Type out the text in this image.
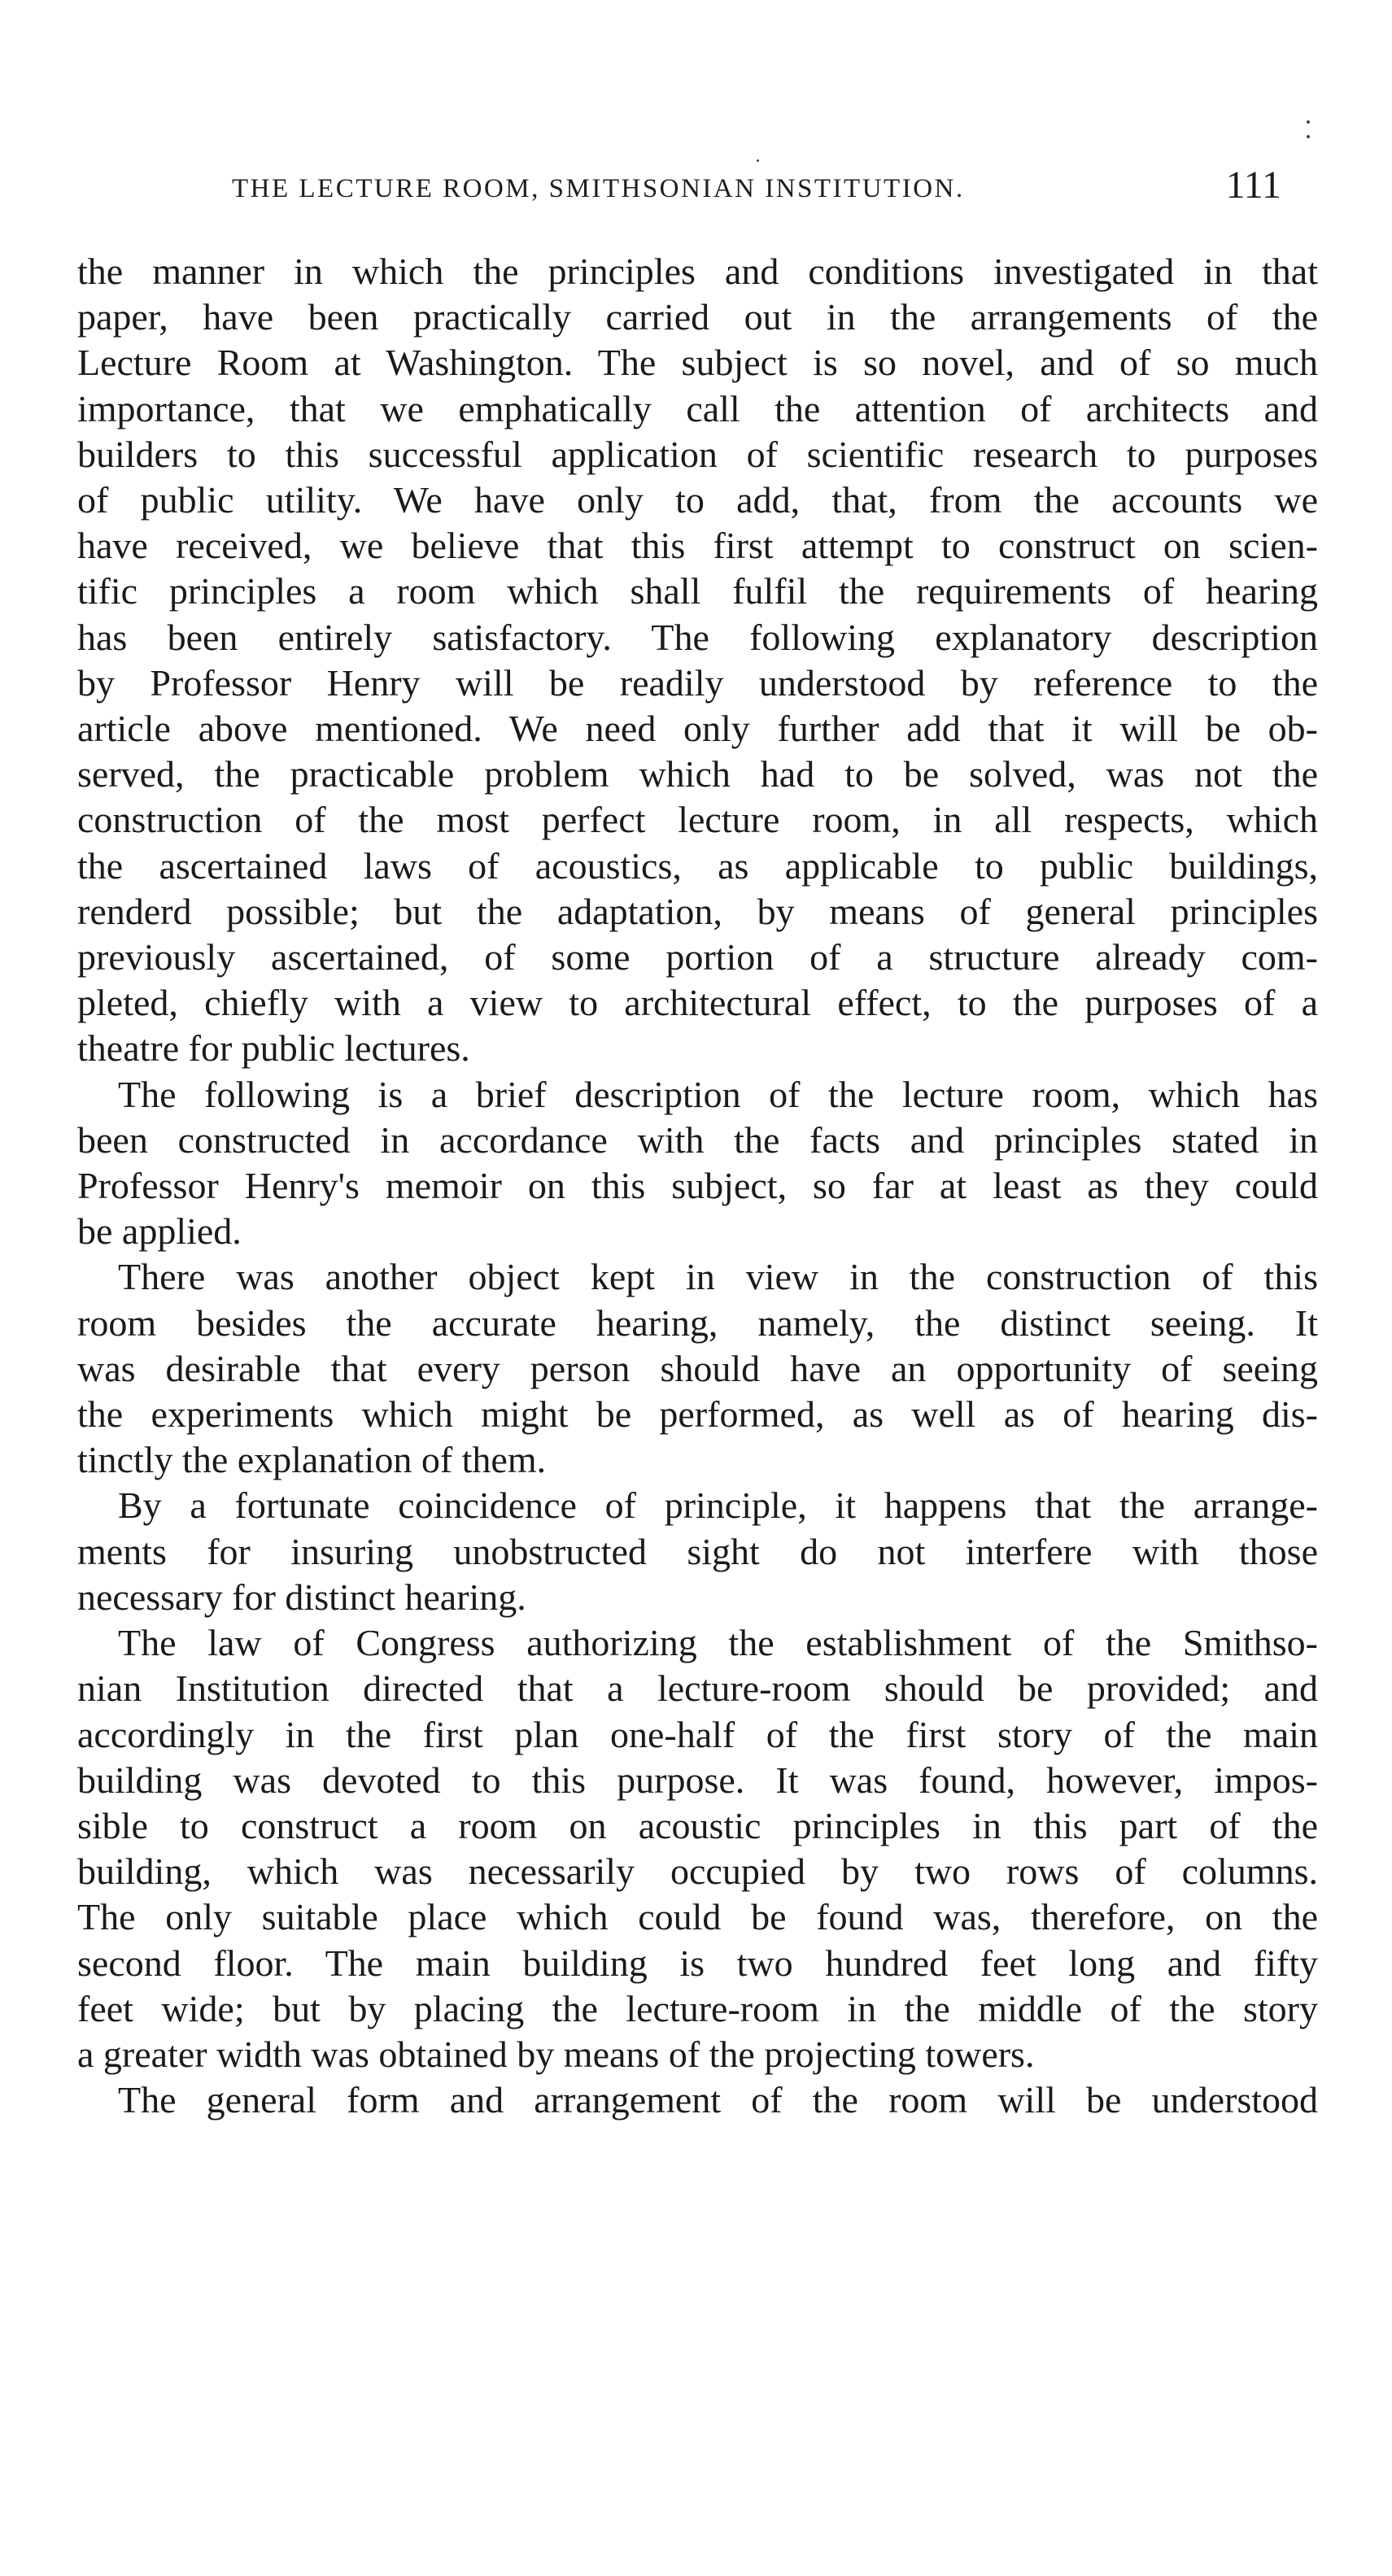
THE LECTURE ROOM, SMITHSONIAN INSTITUTION.	111
the manner in which the principles and conditions investigated in that
paper, have been practically carried out in the arrangements of the
Lecture Room at Washington. The subject is so novel, and of so much
importance, that we emphatically call the attention of architects and
builders to this successful application of scientific research to purposes
of public utility. We have only to add, that, from the accounts we
have received, we believe that this first attempt to construct on scien-
tific principles a room which shall fulfil the requirements of hearing
has been entirely satisfactory. The following explanatory description
by Professor Henry will be readily understood by reference to the
article above mentioned. We need only further add that it will be ob-
served, the practicable problem which had to be solved, was not the
construction of the most perfect lecture room, in all respects, which
the ascertained laws of acoustics, as applicable to public buildings,
renderd possible; but the adaptation, by means of general principles
previously ascertained, of some portion of a structure already com-
pleted, chiefly with a view to architectural effect, to the purposes of a
theatre for public lectures.
The following is a brief description of the lecture room, which has
been constructed in accordance with the facts and principles stated in
Professor Henry's memoir on this subject, so far at least as they could
be applied.
There was another object kept in view in the construction of this
room besides the accurate hearing, namely, the distinct seeing. It
was desirable that every person should have an opportunity of seeing
the experiments which might be performed, as well as of hearing dis-
tinctly the explanation of them.
By a fortunate coincidence of principle, it happens that the arrange-
ments for insuring unobstructed sight do not interfere with those
necessary for distinct hearing.
The law of Congress authorizing the establishment of the Smithso-
nian Institution directed that a lecture-room should be provided; and
accordingly in the first plan one-half of the first story of the main
building was devoted to this purpose. It was found, however, impos-
sible to construct a room on acoustic principles in this part of the
building, which was necessarily occupied by two rows of columns.
The only suitable place which could be found was, therefore, on the
second floor. The main building is two hundred feet long and fifty
feet wide; but by placing the lecture-room in the middle of the story
a greater width was obtained by means of the projecting towers.
The general form and arrangement of the room will be understood
